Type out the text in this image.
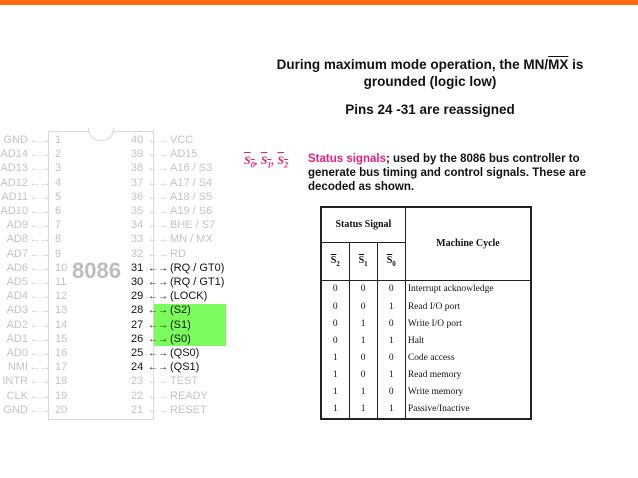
During maximum mode operation, the $MN/\overline{MX}$ is
grounded (logic low)
Pins 24 -31 are reassigned
8086
GND ←→ 1
AD14 ←→ 2
AD13 ←→ 3
AD12 ←→ 4
AD11 ←→ 5
AD10 ←→ 6
AD9 ←→ 7
AD8 ←→ 8
AD7 ←→ 9
AD6 ←→ 10
AD5 ←→ 11
AD4 ←→ 12
AD3 ←→ 13
AD2 ←→ 14
AD1 ←→ 15
AD0 ←→ 16
NMI ←→ 17
INTR ←→ 18
CLK ←→ 19
GND ←→ 20
40 ←→ VCC
39 ←→ AD15
38 ←→ A16 / S3
37 ←→ A17 / S4
36 ←→ A18 / S5
35 ←→ A19 / S6
34 ←→ BHE / S7
33 ←→ MN / MX
32 ←→ RD
31 ←→ (RQ / GT0)
30 ←→ (RQ / GT1)
29 ←→ (LOCK)
28 ←→ (S2)
27 ←→ (S1)
26 ←→ (S0)
25 ←→ (QS0)
24 ←→ (QS1)
23 ←→ TEST
22 ←→ READY
21 ←→ RESET
$S_0$, $S_1$, $S_2$ Status signals; used by the 8086 bus controller to generate bus timing and control signals. These are decoded as shown.
Status Signal			Machine Cycle
$\overline{S}_2$	$\overline{S}_1$	$\overline{S}_0$
0	0	0	Interrupt acknowledge
0	0	1	Read I/O port
0	1	0	Write I/O port
0	1	1	Halt
1	0	0	Code access
1	0	1	Read memory
1	1	0	Write memory
1	1	1	Passive/Inactive
